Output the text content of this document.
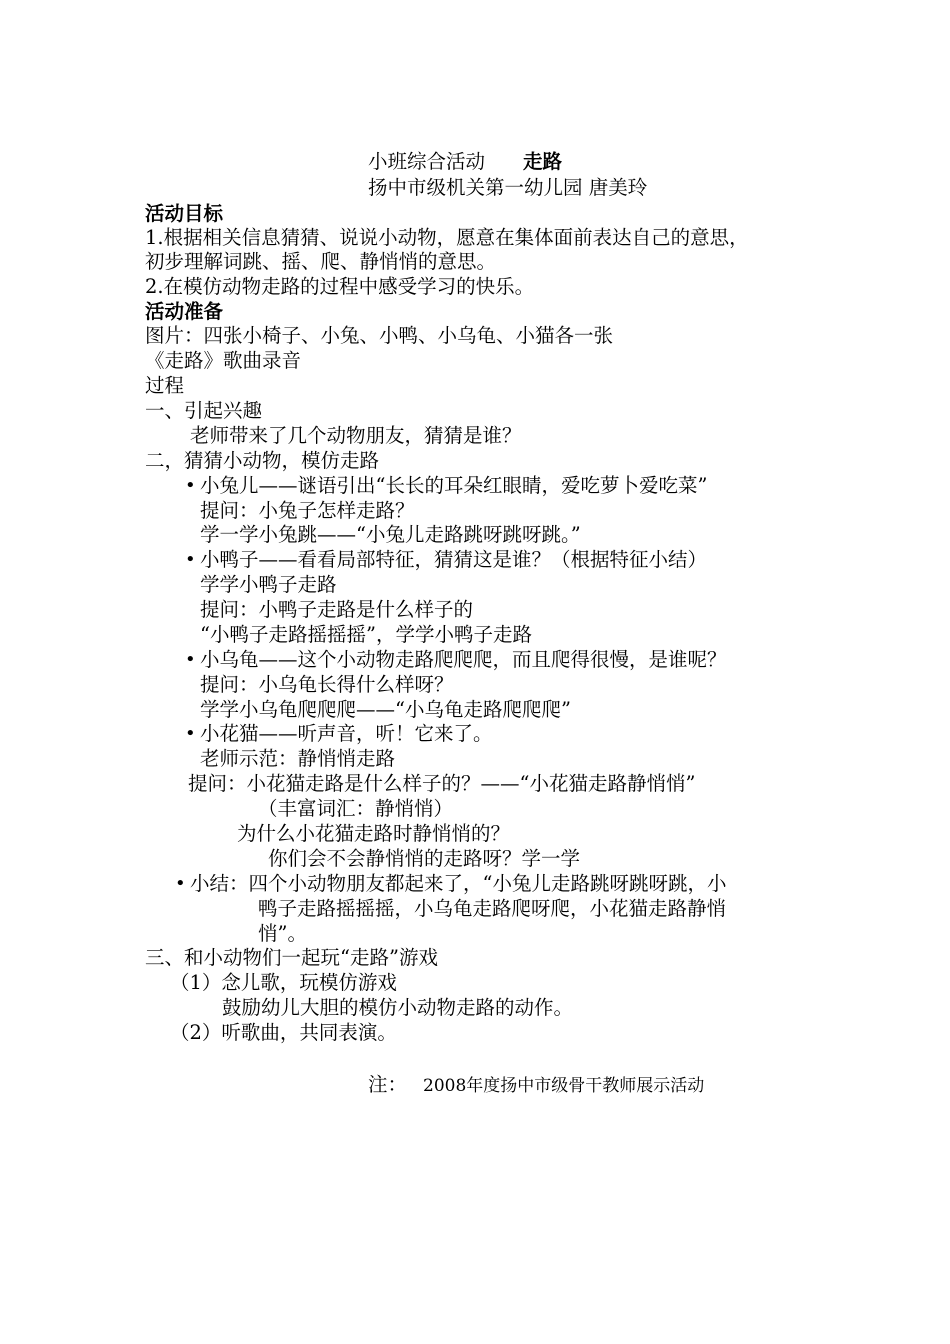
小班综合活动 走路
扬中市级机关第一幼儿园 唐美玲
活动目标
1.根据相关信息猜猜、说说小动物，愿意在集体面前表达自己的意思，
初步理解词跳、摇、爬、静悄悄的意思。
2.在模仿动物走路的过程中感受学习的快乐。
活动准备
图片：四张小椅子、小兔、小鸭、小乌龟、小猫各一张
《走路》歌曲录音
过程
一、引起兴趣
老师带来了几个动物朋友，猜猜是谁？
二，猜猜小动物，模仿走路
• 小兔儿——谜语引出“长长的耳朵红眼睛，爱吃萝卜爱吃菜”
提问：小兔子怎样走路？
学一学小兔跳——“小兔儿走路跳呀跳呀跳。”
• 小鸭子——看看局部特征，猜猜这是谁？（根据特征小结）
学学小鸭子走路
提问：小鸭子走路是什么样子的
“小鸭子走路摇摇摇”，学学小鸭子走路
• 小乌龟——这个小动物走路爬爬爬，而且爬得很慢，是谁呢？
提问：小乌龟长得什么样呀？
学学小乌龟爬爬爬——“小乌龟走路爬爬爬”
• 小花猫——听声音，听！它来了。
老师示范：静悄悄走路
提问：小花猫走路是什么样子的？——“小花猫走路静悄悄”
（丰富词汇：静悄悄）
为什么小花猫走路时静悄悄的？
你们会不会静悄悄的走路呀？学一学
• 小结：四个小动物朋友都起来了，“小兔儿走路跳呀跳呀跳，小
鸭子走路摇摇摇，小乌龟走路爬呀爬，小花猫走路静悄
悄”。
三、和小动物们一起玩“走路”游戏
（1）念儿歌，玩模仿游戏
鼓励幼儿大胆的模仿小动物走路的动作。
（2）听歌曲，共同表演。
注： 2008年度扬中市级骨干教师展示活动
